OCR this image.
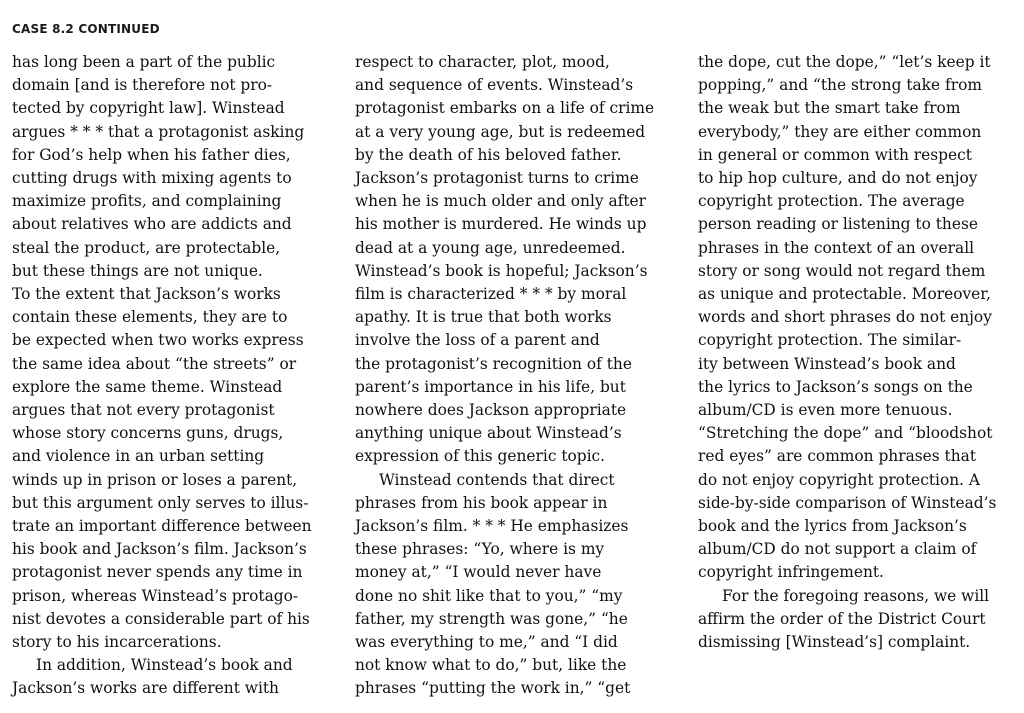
CASE 8.2 CONTINUED
has long been a part of the public
domain [and is therefore not pro-
tected by copyright law]. Winstead
argues * * * that a protagonist asking
for God’s help when his father dies,
cutting drugs with mixing agents to
maximize profits, and complaining
about relatives who are addicts and
steal the product, are protectable,
but these things are not unique.
To the extent that Jackson’s works
contain these elements, they are to
be expected when two works express
the same idea about “the streets” or
explore the same theme. Winstead
argues that not every protagonist
whose story concerns guns, drugs,
and violence in an urban setting
winds up in prison or loses a parent,
but this argument only serves to illus-
trate an important difference between
his book and Jackson’s film. Jackson’s
protagonist never spends any time in
prison, whereas Winstead’s protago-
nist devotes a considerable part of his
story to his incarcerations.
In addition, Winstead’s book and
Jackson’s works are different with
respect to character, plot, mood,
and sequence of events. Winstead’s
protagonist embarks on a life of crime
at a very young age, but is redeemed
by the death of his beloved father.
Jackson’s protagonist turns to crime
when he is much older and only after
his mother is murdered. He winds up
dead at a young age, unredeemed.
Winstead’s book is hopeful; Jackson’s
film is characterized * * * by moral
apathy. It is true that both works
involve the loss of a parent and
the protagonist’s recognition of the
parent’s importance in his life, but
nowhere does Jackson appropriate
anything unique about Winstead’s
expression of this generic topic.
Winstead contends that direct
phrases from his book appear in
Jackson’s film. * * * He emphasizes
these phrases: “Yo, where is my
money at,” “I would never have
done no shit like that to you,” “my
father, my strength was gone,” “he
was everything to me,” and “I did
not know what to do,” but, like the
phrases “putting the work in,” “get
the dope, cut the dope,” “let’s keep it
popping,” and “the strong take from
the weak but the smart take from
everybody,” they are either common
in general or common with respect
to hip hop culture, and do not enjoy
copyright protection. The average
person reading or listening to these
phrases in the context of an overall
story or song would not regard them
as unique and protectable. Moreover,
words and short phrases do not enjoy
copyright protection. The similar-
ity between Winstead’s book and
the lyrics to Jackson’s songs on the
album/CD is even more tenuous.
“Stretching the dope” and “bloodshot
red eyes” are common phrases that
do not enjoy copyright protection. A
side-by-side comparison of Winstead’s
book and the lyrics from Jackson’s
album/CD do not support a claim of
copyright infringement.
For the foregoing reasons, we will
affirm the order of the District Court
dismissing [Winstead’s] complaint.
